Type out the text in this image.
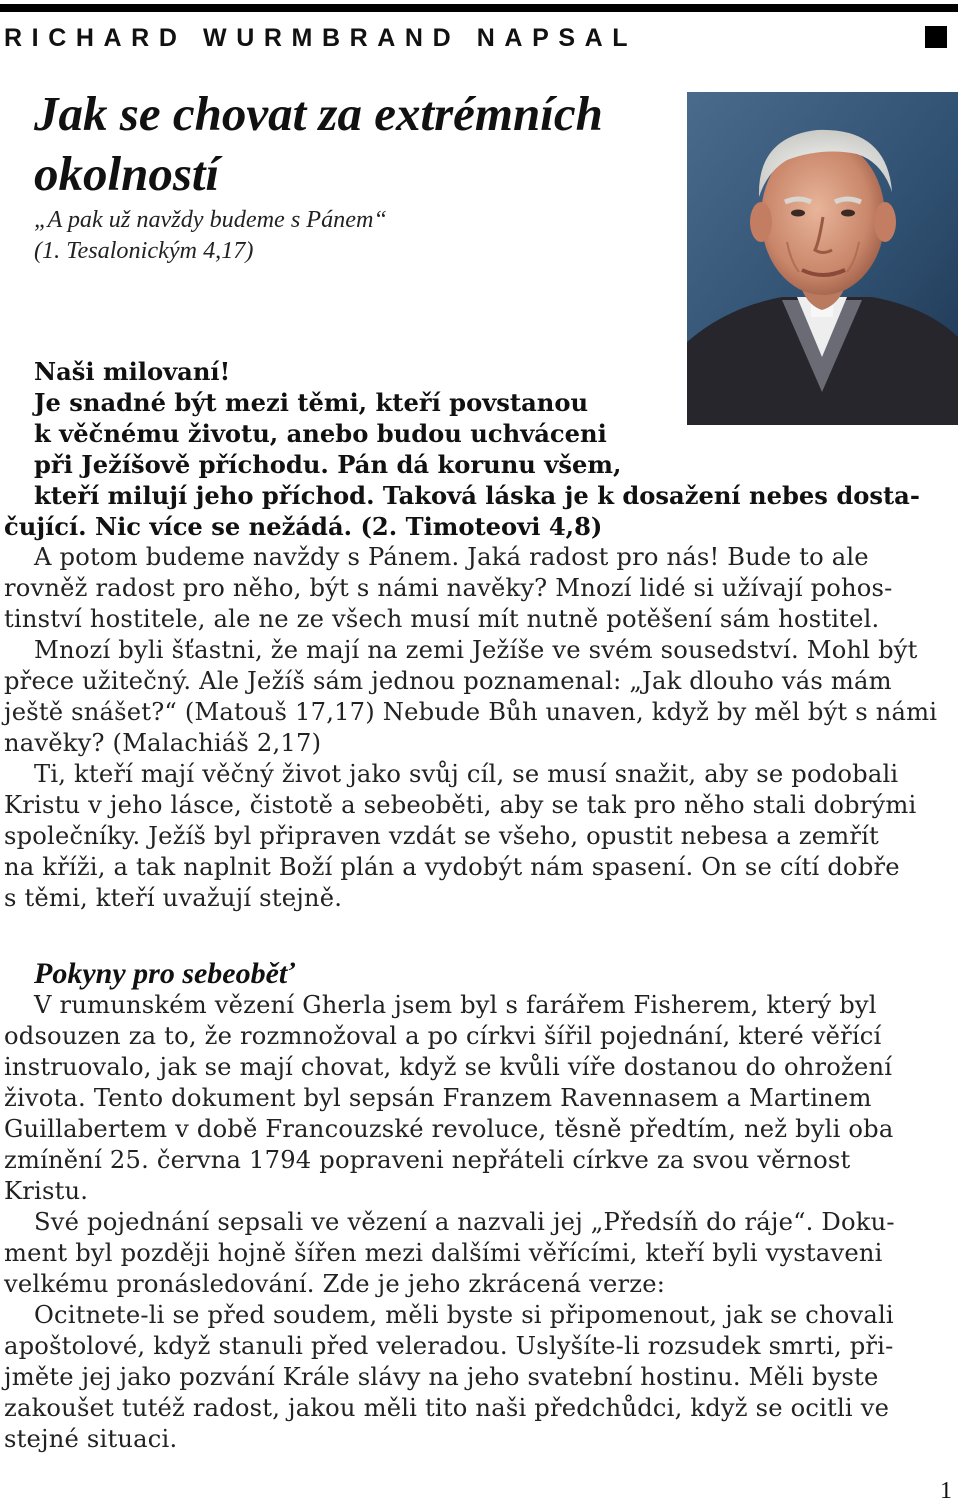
RICHARD WURMBRAND NAPSAL
Jak se chovat za extrémních
okolností
„A pak už navždy budeme s Pánem“
(1. Tesalonickým 4,17)
Naši milovaní!
Je snadné být mezi těmi, kteří povstanou
k věčnému životu, anebo budou uchváceni
při Ježíšově příchodu. Pán dá korunu všem,
kteří milují jeho příchod. Taková láska je k dosažení nebes dosta-
čující. Nic více se nežádá. (2. Timoteovi 4,8)
A potom budeme navždy s Pánem. Jaká radost pro nás! Bude to ale
rovněž radost pro něho, být s námi navěky? Mnozí lidé si užívají pohos-
tinství hostitele, ale ne ze všech musí mít nutně potěšení sám hostitel.
Mnozí byli šťastni, že mají na zemi Ježíše ve svém sousedství. Mohl být
přece užitečný. Ale Ježíš sám jednou poznamenal: „Jak dlouho vás mám
ještě snášet?“ (Matouš 17,17) Nebude Bůh unaven, když by měl být s námi
navěky? (Malachiáš 2,17)
Ti, kteří mají věčný život jako svůj cíl, se musí snažit, aby se podobali
Kristu v jeho lásce, čistotě a sebeoběti, aby se tak pro něho stali dobrými
společníky. Ježíš byl připraven vzdát se všeho, opustit nebesa a zemřít
na kříži, a tak naplnit Boží plán a vydobýt nám spasení. On se cítí dobře
s těmi, kteří uvažují stejně.
Pokyny pro sebeoběť
V rumunském vězení Gherla jsem byl s farářem Fisherem, který byl
odsouzen za to, že rozmnožoval a po církvi šířil pojednání, které věřící
instruovalo, jak se mají chovat, když se kvůli víře dostanou do ohrožení
života. Tento dokument byl sepsán Franzem Ravennasem a Martinem
Guillabertem v době Francouzské revoluce, těsně předtím, než byli oba
zmínění 25. června 1794 popraveni nepřáteli církve za svou věrnost
Kristu.
Své pojednání sepsali ve vězení a nazvali jej „Předsíň do ráje“. Doku-
ment byl později hojně šířen mezi dalšími věřícími, kteří byli vystaveni
velkému pronásledování. Zde je jeho zkrácená verze:
Ocitnete-li se před soudem, měli byste si připomenout, jak se chovali
apoštolové, když stanuli před veleradou. Uslyšíte-li rozsudek smrti, při-
jměte jej jako pozvání Krále slávy na jeho svatební hostinu. Měli byste
zakoušet tutéž radost, jakou měli tito naši předchůdci, když se ocitli ve
stejné situaci.
1
